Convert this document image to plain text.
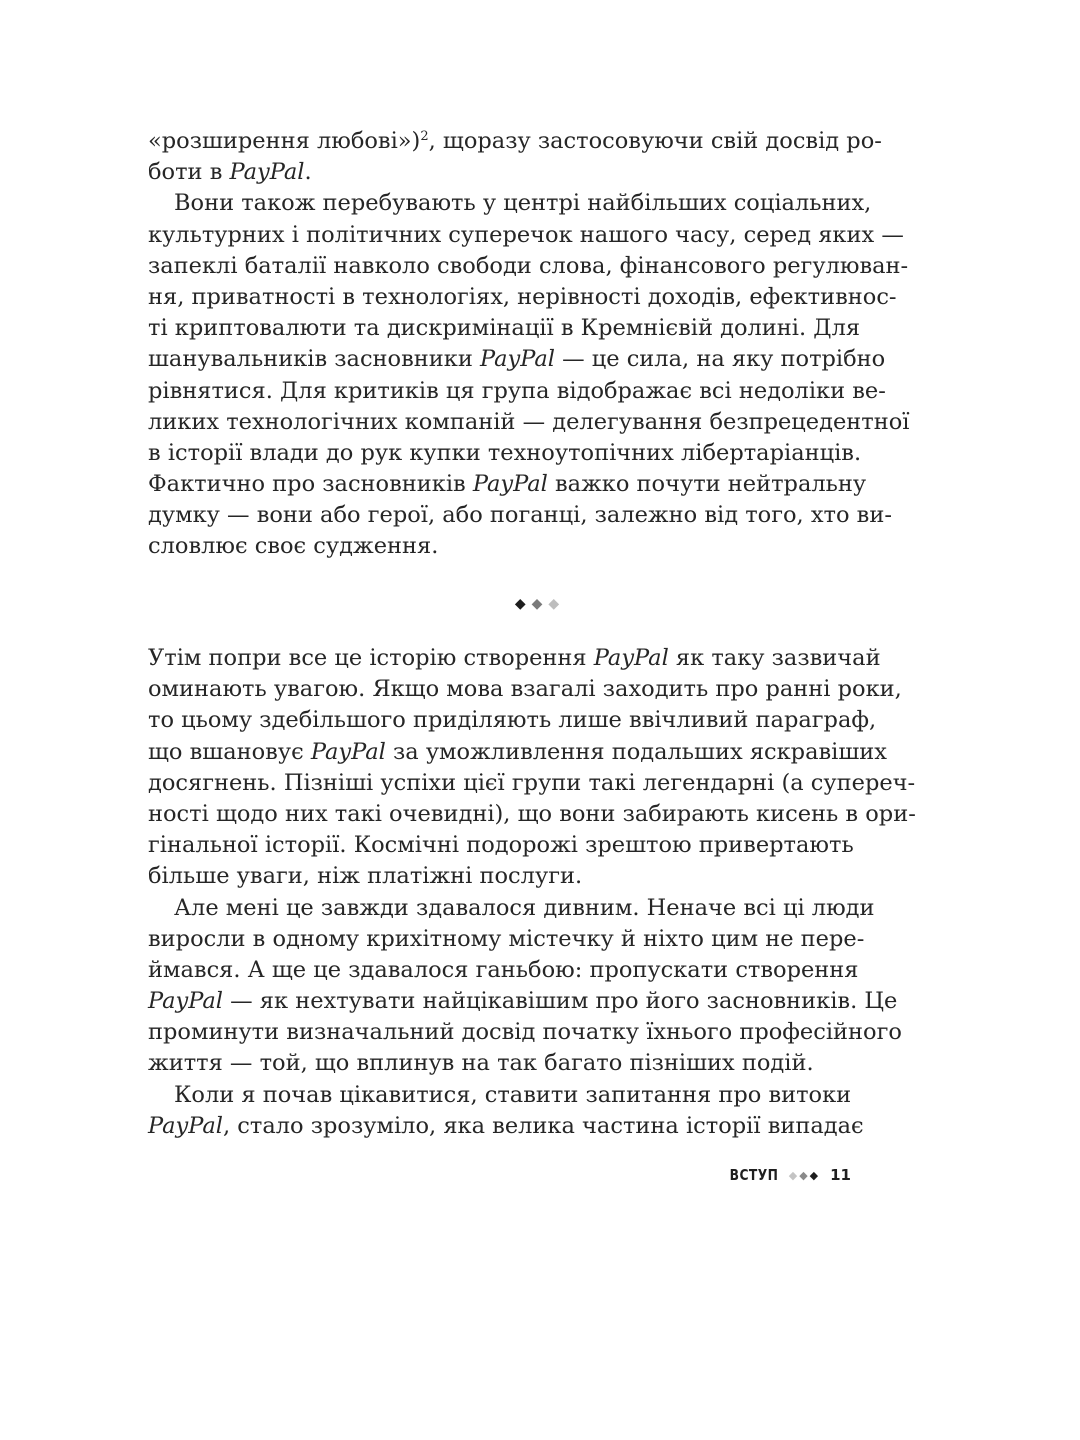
«розширення любові»)$^2$, щоразу застосовуючи свій досвід ро-
боти в PayPal.

Вони також перебувають у центрі найбільших соціальних,
культурних і політичних суперечок нашого часу, серед яких —
запеклі баталії навколо свободи слова, фінансового регулюван-
ня, приватності в технологіях, нерівності доходів, ефективнос-
ті криптовалюти та дискримінації в Кремнієвій долині. Для
шанувальників засновники PayPal — це сила, на яку потрібно
рівнятися. Для критиків ця група відображає всі недоліки ве-
ликих технологічних компаній — делегування безпрецедентної
в історії влади до рук купки техноутопічних лібертаріанців.
Фактично про засновників PayPal важко почути нейтральну
думку — вони або герої, або поганці, залежно від того, хто ви-
словлює своє судження.

◆◆◆

Утім попри все це історію створення PayPal як таку зазвичай
оминають увагою. Якщо мова взагалі заходить про ранні роки,
то цьому здебільшого приділяють лише ввічливий параграф,
що вшановує PayPal за уможливлення подальших яскравіших
досягнень. Пізніші успіхи цієї групи такі легендарні (а супереч-
ності щодо них такі очевидні), що вони забирають кисень в ори-
гінальної історії. Космічні подорожі зрештою привертають
більше уваги, ніж платіжні послуги.

Але мені це завжди здавалося дивним. Неначе всі ці люди
виросли в одному крихітному містечку й ніхто цим не пере-
ймався. А ще це здавалося ганьбою: пропускати створення
PayPal — як нехтувати найцікавішим про його засновників. Це
проминути визначальний досвід початку їхнього професійного
життя — той, що вплинув на так багато пізніших подій.

Коли я почав цікавитися, ставити запитання про витоки
PayPal, стало зрозуміло, яка велика частина історії випадає

ВСТУП ◆◆◆ 11
